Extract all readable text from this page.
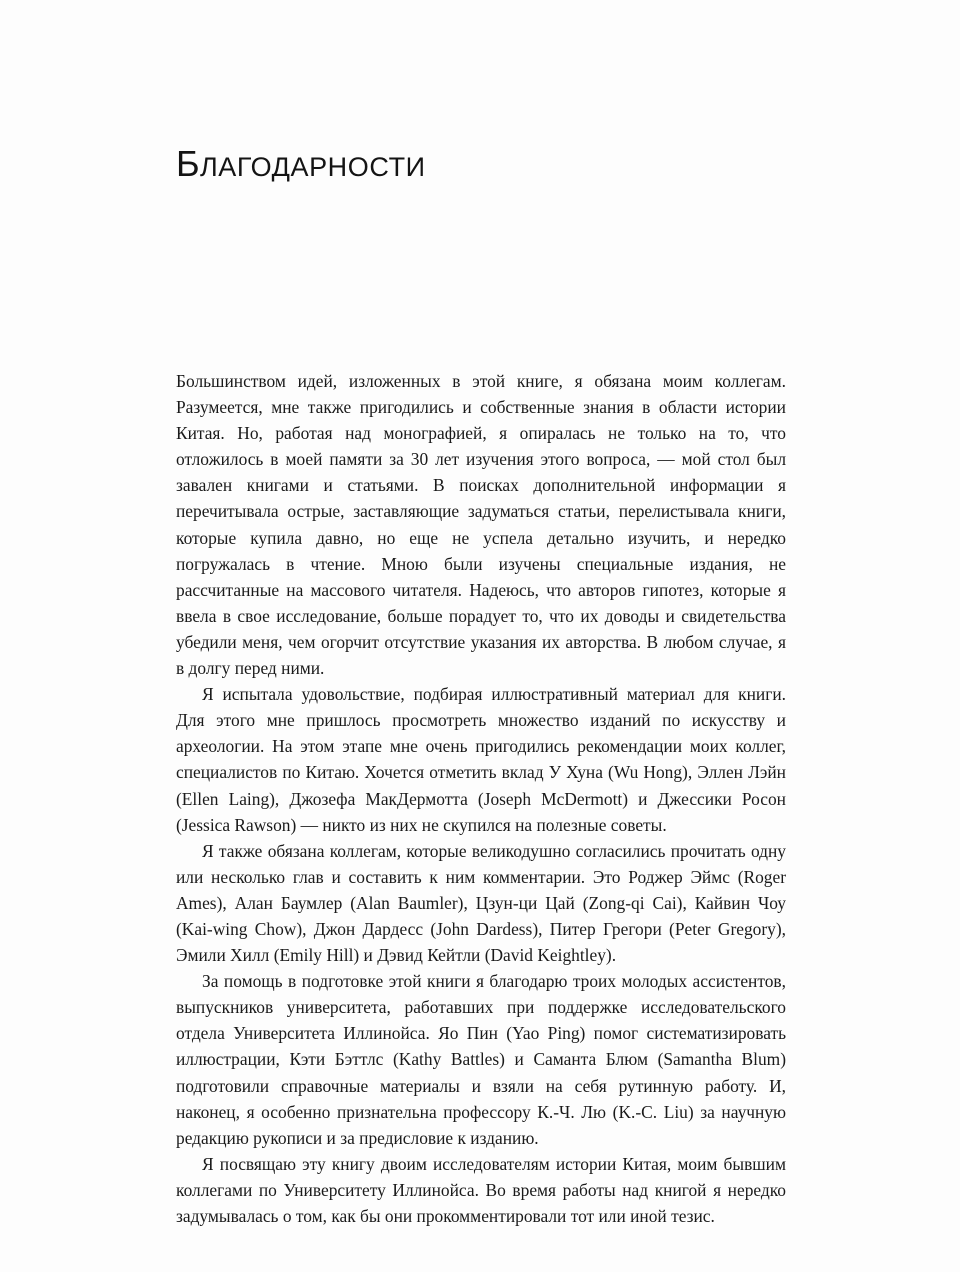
БЛАГОДАРНОСТИ

Большинством идей, изложенных в этой книге, я обязана моим коллегам. Разумеется, мне также пригодились и собственные знания в области истории Китая. Но, работая над монографией, я опиралась не только на то, что отложилось в моей памяти за 30 лет изучения этого вопроса, — мой стол был завален книгами и статьями. В поисках дополнительной информации я перечитывала острые, заставляющие задуматься статьи, перелистывала книги, которые купила давно, но еще не успела детально изучить, и нередко погружалась в чтение. Мною были изучены специальные издания, не рассчитанные на массового читателя. Надеюсь, что авторов гипотез, которые я ввела в свое исследование, больше порадует то, что их доводы и свидетельства убедили меня, чем огорчит отсутствие указания их авторства. В любом случае, я в долгу перед ними.

Я испытала удовольствие, подбирая иллюстративный материал для книги. Для этого мне пришлось просмотреть множество изданий по искусству и археологии. На этом этапе мне очень пригодились рекомендации моих коллег, специалистов по Китаю. Хочется отметить вклад У Хуна (Wu Hong), Эллен Лэйн (Ellen Laing), Джозефа МакДермотта (Joseph McDermott) и Джессики Росон (Jessica Rawson) — никто из них не скупился на полезные советы.

Я также обязана коллегам, которые великодушно согласились прочитать одну или несколько глав и составить к ним комментарии. Это Роджер Эймс (Roger Ames), Алан Баумлер (Alan Baumler), Цзун-ци Цай (Zong-qi Cai), Кайвин Чоу (Kai-wing Chow), Джон Дардесс (John Dardess), Питер Грегори (Peter Gregory), Эмили Хилл (Emily Hill) и Дэвид Кейтли (David Keightley).

За помощь в подготовке этой книги я благодарю троих молодых ассистентов, выпускников университета, работавших при поддержке исследовательского отдела Университета Иллинойса. Яо Пин (Yao Ping) помог систематизировать иллюстрации, Кэти Бэттлс (Kathy Battles) и Саманта Блюм (Samantha Blum) подготовили справочные материалы и взяли на себя рутинную работу. И, наконец, я особенно признательна профессору К.-Ч. Лю (K.-C. Liu) за научную редакцию рукописи и за предисловие к изданию.

Я посвящаю эту книгу двоим исследователям истории Китая, моим бывшим коллегами по Университету Иллинойса. Во время работы над книгой я нередко задумывалась о том, как бы они прокомментировали тот или иной тезис.
